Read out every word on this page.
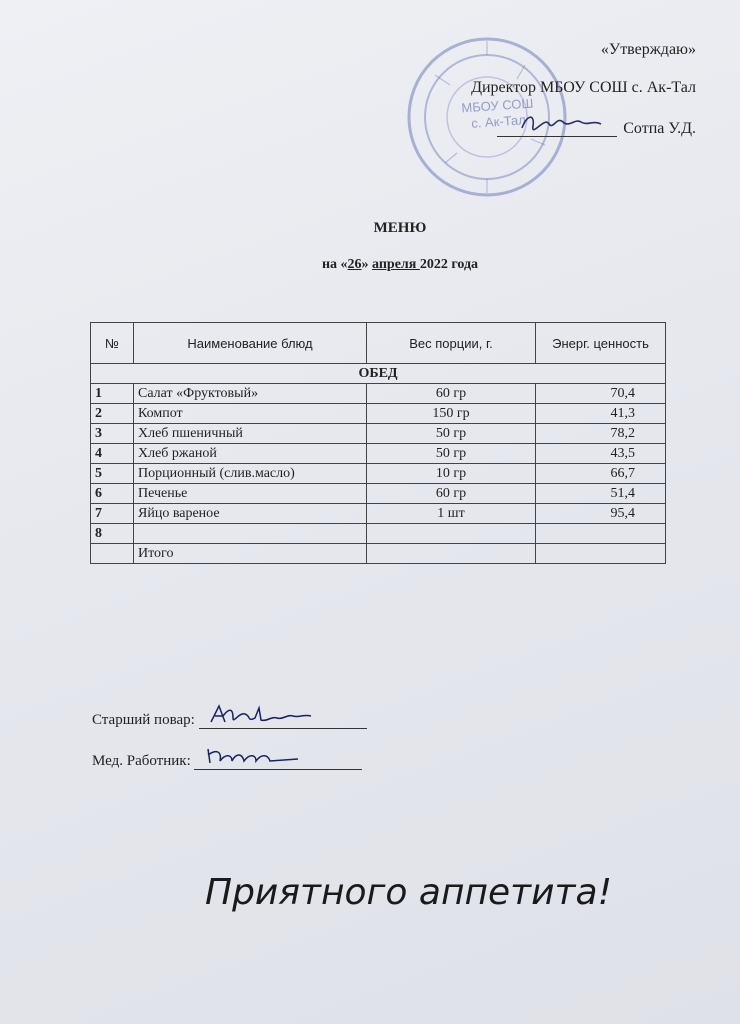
МБОУ СОШ
с. Ак-Тал
«Утверждаю»
Директор МБОУ СОШ с. Ак-Тал
Сотпа У.Д.
МЕНЮ
на «26» апреля 2022 года
№	Наименование блюд	Вес порции, г.	Энерг. ценность
ОБЕД			
1	Салат «Фруктовый»	60 гр	70,4
2	Компот	150 гр	41,3
3	Хлеб пшеничный	50 гр	78,2
4	Хлеб ржаной	50 гр	43,5
5	Порционный (слив.масло)	10 гр	66,7
6	Печенье	60 гр	51,4
7	Яйцо вареное	1 шт	95,4
8			
	Итого		
Старший повар:
Мед. Работник:
Приятного аппетита!
